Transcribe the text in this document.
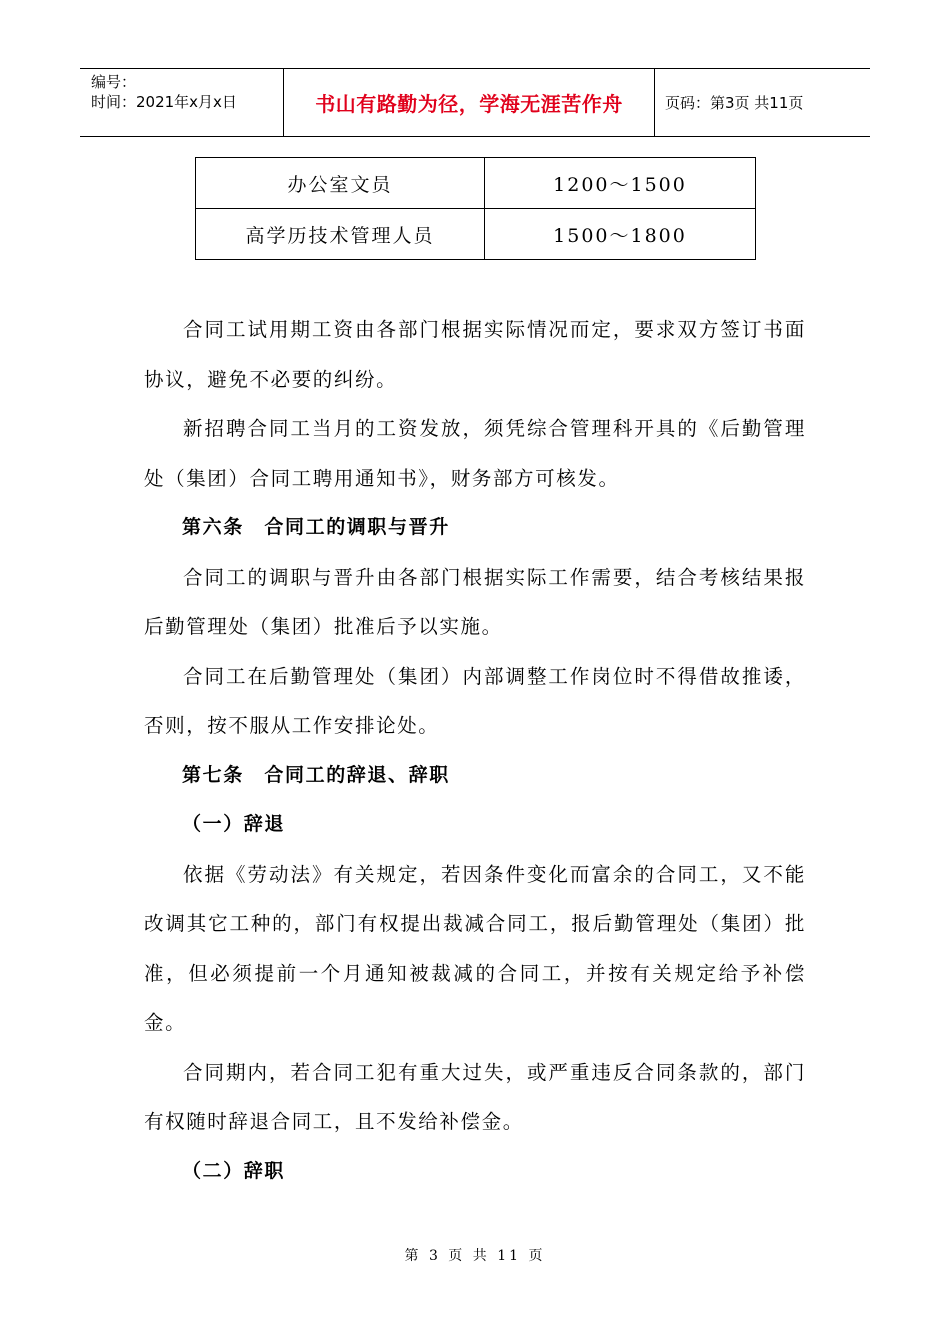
编号：
时间：2021年x月x日	书山有路勤为径，学海无涯苦作舟	页码：第3页 共11页
办公室文员	1200～1500
高学历技术管理人员	1500～1800

合同工试用期工资由各部门根据实际情况而定，要求双方签订书面协议，避免不必要的纠纷。

新招聘合同工当月的工资发放，须凭综合管理科开具的《后勤管理处（集团）合同工聘用通知书》，财务部方可核发。

第六条　合同工的调职与晋升

合同工的调职与晋升由各部门根据实际工作需要，结合考核结果报后勤管理处（集团）批准后予以实施。

合同工在后勤管理处（集团）内部调整工作岗位时不得借故推诿，否则，按不服从工作安排论处。

第七条　合同工的辞退、辞职

（一）辞退

依据《劳动法》有关规定，若因条件变化而富余的合同工，又不能改调其它工种的，部门有权提出裁减合同工，报后勤管理处（集团）批准，但必须提前一个月通知被裁减的合同工，并按有关规定给予补偿金。

合同期内，若合同工犯有重大过失，或严重违反合同条款的，部门有权随时辞退合同工，且不发给补偿金。

（二）辞职

第 3 页 共 11 页
